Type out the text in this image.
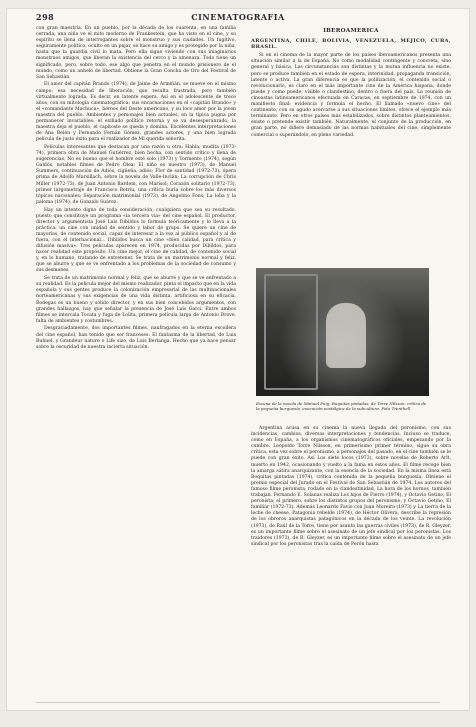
298	CINEMATOGRAFIA

con gran maestría. En un pueblo, por la década de los cuarenta, en una familia cerrada, una niña ve el mito moderno de Frankestein, que ha visto en el cine, y su espíritu se llena de interrogantes sobre el monstruo y sus ciudades. Un fugitivo, seguramente político, oculto en un pajar, se hace su amigo y es protegido por la niña, hasta que la guardia civil lo mata. Pero ella sigue viviendo con sus imaginarios monstruos amigos, que liberan la existencia del cerco y la amenaza. Todo tiene un significado, pero, sobre todo, ese algo que penetra en el mundo prisionero de el mundo, como un anhelo de libertad. Obtiene la Gran Concha de Oro del Festival de San Sebastián.

El amor del capitán Brando (1974), de Jaime de Armiñán, se mueve en el mismo campo: esa necesidad de liberación, que resulta frustrada, pero también virtualmente lograda. Es decir, en latente espera. Así en el adolescente de trece años, con su mitología cinematográfica: sus encarnaciones en el «capitán Brando» y el «comandante Machuca», héroes del Oeste americano, y su loco amor por la joven maestra del pueblo. Ambientes y personajes bien actuales, en la típica pugna por permanecer invariables: el exiliado político retorna y se va desesperanzado, la maestra deja el pueblo, el capitoste se queda y domina. Excelentes interpretaciones de Ana Belén y Fernando Fernán Gómez, grandes actores, y una bien lograda película de justo éxito para el realizador de Mi querida señorita.

Películas interesantes que destacan por una razón u otra: Habla, mudita (1973-74), primera obra de Manuel Gutiérrez, bien hecha, con sentido crítico y llena de sugerencias, No es bueno que el hombre esté solo (1973) y Tormento (1974), según Galdós, notables filmes de Pedro Olea; El niño es nuestro (1973), de Manuel Summers, continuación de Adiós, cigüeña, adiós; Flor de santidad (1972-73), ópera prima de Adolfo Marsillach, sobre la novela de Valle-Inclán; La corrupción de Chris Miller (1972-73), de Juan Antonio Bardem, con Marisol; Corazón solitario (1972-73), primer largometraje de Francisco Betriu, una crítica burla sobre los más diversos tópicos nacionales; Separación matrimonial (1973), de Angelino Fons; La loba y la paloma (1974), de Gonzalo Suárez.

Hay un intento digno de toda consideración, cualquiera que sea su resultado, puesto que constituye un programa «la tercera vía» del cine español. El productor, director y argumentista José Luis Dibildos lo formula teóricamente y lo lleva a la práctica: un cine con unidad de sentido y labor de grupo. Se quiere un cine de mayorías, de contenido social, capaz de interesar a la vez al público español y al de fuera, con el internacional... Dibildos busca un cine «bien calidad, para crítica y difusión masiva». Tres películas aparecen en 1974, producidas por Dibildos, para hacer realidad este propósito. Un cine mejor, el cine de calidad, de contenido social y, en lo humano, tratando de entretener. Se trata de un matrimonio normal y feliz, que se aburre y que se ve enfrentado a los problemas de la sociedad de consumo y sus desmanes.

Se trata de un matrimonio normal y feliz, que se aburre y que se ve enfrentado a su realidad. Es la película mejor del mismo realizador, pinta el impacto que en la vida española y sus gentes produce la colonización empresarial de las multinacionales norteamericanas y sus exigencias de una vida distinta, artificiosa en su eficacia. Bodegas es un bueno y sólido director, y en sus bien concebidos argumentos, con grandes hallazgos, hay que señalar la presencia de José Luis Garci. Entre ambos filmes se intercala Tocata y fuga de Lolita, primera película larga de Antonio Drove, falta de ambientes y costumbres.

Desgraciadamente, dos importantes filmes, naufragados en la eterna escollera del cine español, han tenido que ser franceses: El fantasma de la libertad, de Luis Buñuel, y Grandeur nature o Life size, de Luis Berlanga. Hecho que ya hace pensar sobre la oscuridad de nuestra incierta situación.

IBEROAMERICA
ARGENTINA, CHILE, BOLIVIA, VENEZUELA, MÉJICO, CUBA, BRASIL.

Si en el cinema de la mayor parte de los países iberoamericanos presenta una situación similar a la de España. No como modalidad contingente y concreta, sino general y básica. Las circunstancias son distintas y la mutua influencia no existe, pero se produce también en el estado de espera, interinidad, propaganda transición, latente o activa. La gran diferencia es que la politización, el contenido social o revolucionario, es claro en el más importante cine de la América hispana, donde puede y como puede, visible o clandestino, dentro o fuera del país. La reunión de cineastas latinoamericanos efectuada en Caracas, en septiembre de 1974, con un manifiesto final: evidencia y formula el hecho. El llamado «nuevo cine» del continente, con su agudo acercarse a sus situaciones límites, ofrece el ejemplo más terminante. Pero en otros países más estabilizados, sobre distintos planteamientos, existe o pretende existir también. Naturalmente, el conjunto de la producción, en gran parte, no difiere demasiado de las normas habituales del cine, simplemente comercial o superándolo, en pleno variedad.

Escena de la novela de Manuel Puig, Boquitas pintadas, de Torre Nilsson: crítica de la pequeña burguesía, evocación nostálgica de la subcultura. Foto Trenthell

Argentina acusa en su cinema la nueva llegada del peronismo, con sus incidencias, cambios, diversas interpretaciones y tendencias. Incluso se traduce, como en España, a los organismos cinematográficos oficiales, empezando por la cumbre. Leopoldo Torre Nilsson, en primerísimo primer término, sigue su obra crítica, esta vez sobre el peronismo, a personajes del pasado, en el cine también se le puede con gran éxito. Así Los siete locos (1973), sobre novelas de Roberto Arlt, muerto en 1942, ocasionando y vuelto a la fama en estos años. El filme recoge bien la amarga sátira anarquizante, con la esencia de la sociedad. En la misma línea está Boquitas pintadas (1974), crítica contenida de la pequeña burguesía. Obtiene el premio especial del Jurado en el Festival de San Sebastián de 1974. Los autores del famoso filme peronista, rodado en la clandestinidad, La hora de los hornos, también trabajan. Fernando E. Solanas realiza Los hijos de Fierro (1974), y Octavio Getino, El peronista; el primero, sobre los distintos grupos del peronismo, y Octavio Getino, El familiar (1972-73). Además Leonardo Favio con Juan Moreira (1973) y La tierra de la leche de cheese, Patagonia rebelde (1974), de Héctor Olivera, describe la represión de los obreros anarquistas patagónicos en la década de los veinte. La revolución (1973), de Raúl de la Torre, tiene por asunto las guerras civiles (1973), de R. Gleyzer, es un importante filme sobre el asesinato de un jefe sindical por los peronistas. Los traidores (1973), de R. Gleyzer, es un importante filme sobre el asesinato de un jefe sindical por los peronistas tras la caída de Perón hasta
